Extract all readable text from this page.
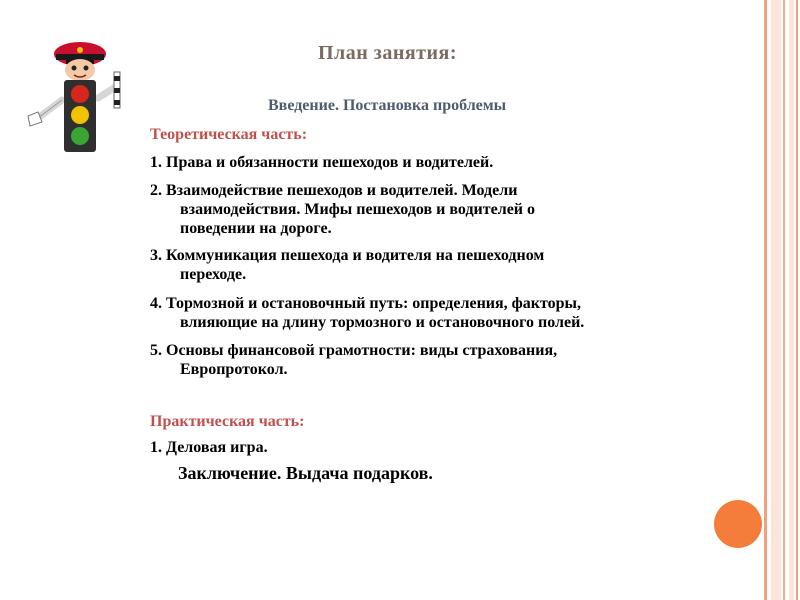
План занятия:
Введение. Постановка проблемы
Теоретическая часть:
1. Права и обязанности пешеходов и водителей.
2. Взаимодействие пешеходов и водителей. Модели
взаимодействия. Мифы пешеходов и водителей о
поведении на дороге.
3. Коммуникация пешехода и водителя на пешеходном
переходе.
4. Тормозной и остановочный путь: определения, факторы,
влияющие на длину тормозного и остановочного полей.
5. Основы финансовой грамотности: виды страхования,
Европротокол.
Практическая часть:
1. Деловая игра.
Заключение. Выдача подарков.
